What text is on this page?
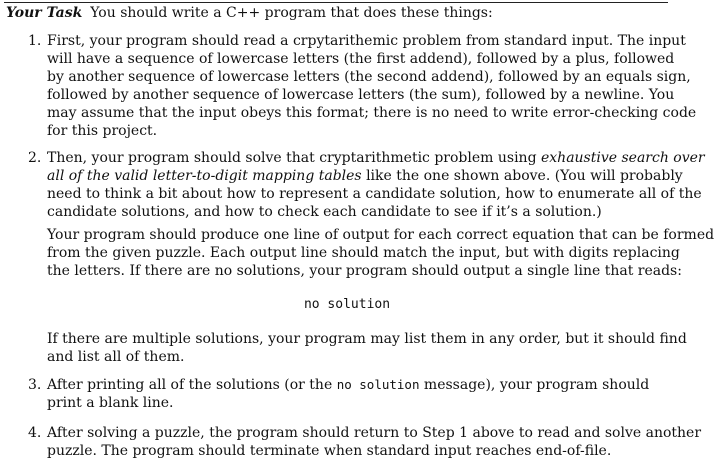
Your Task You should write a C++ program that does these things:
1. First, your program should read a crpytarithemic problem from standard input. The input
will have a sequence of lowercase letters (the first addend), followed by a plus, followed
by another sequence of lowercase letters (the second addend), followed by an equals sign,
followed by another sequence of lowercase letters (the sum), followed by a newline. You
may assume that the input obeys this format; there is no need to write error-checking code
for this project.
2. Then, your program should solve that cryptarithmetic problem using exhaustive search over
all of the valid letter-to-digit mapping tables like the one shown above. (You will probably
need to think a bit about how to represent a candidate solution, how to enumerate all of the
candidate solutions, and how to check each candidate to see if it’s a solution.)
Your program should produce one line of output for each correct equation that can be formed
from the given puzzle. Each output line should match the input, but with digits replacing
the letters. If there are no solutions, your program should output a single line that reads:
no solution
If there are multiple solutions, your program may list them in any order, but it should find
and list all of them.
3. After printing all of the solutions (or the no solution message), your program should
print a blank line.
4. After solving a puzzle, the program should return to Step 1 above to read and solve another
puzzle. The program should terminate when standard input reaches end-of-file.
